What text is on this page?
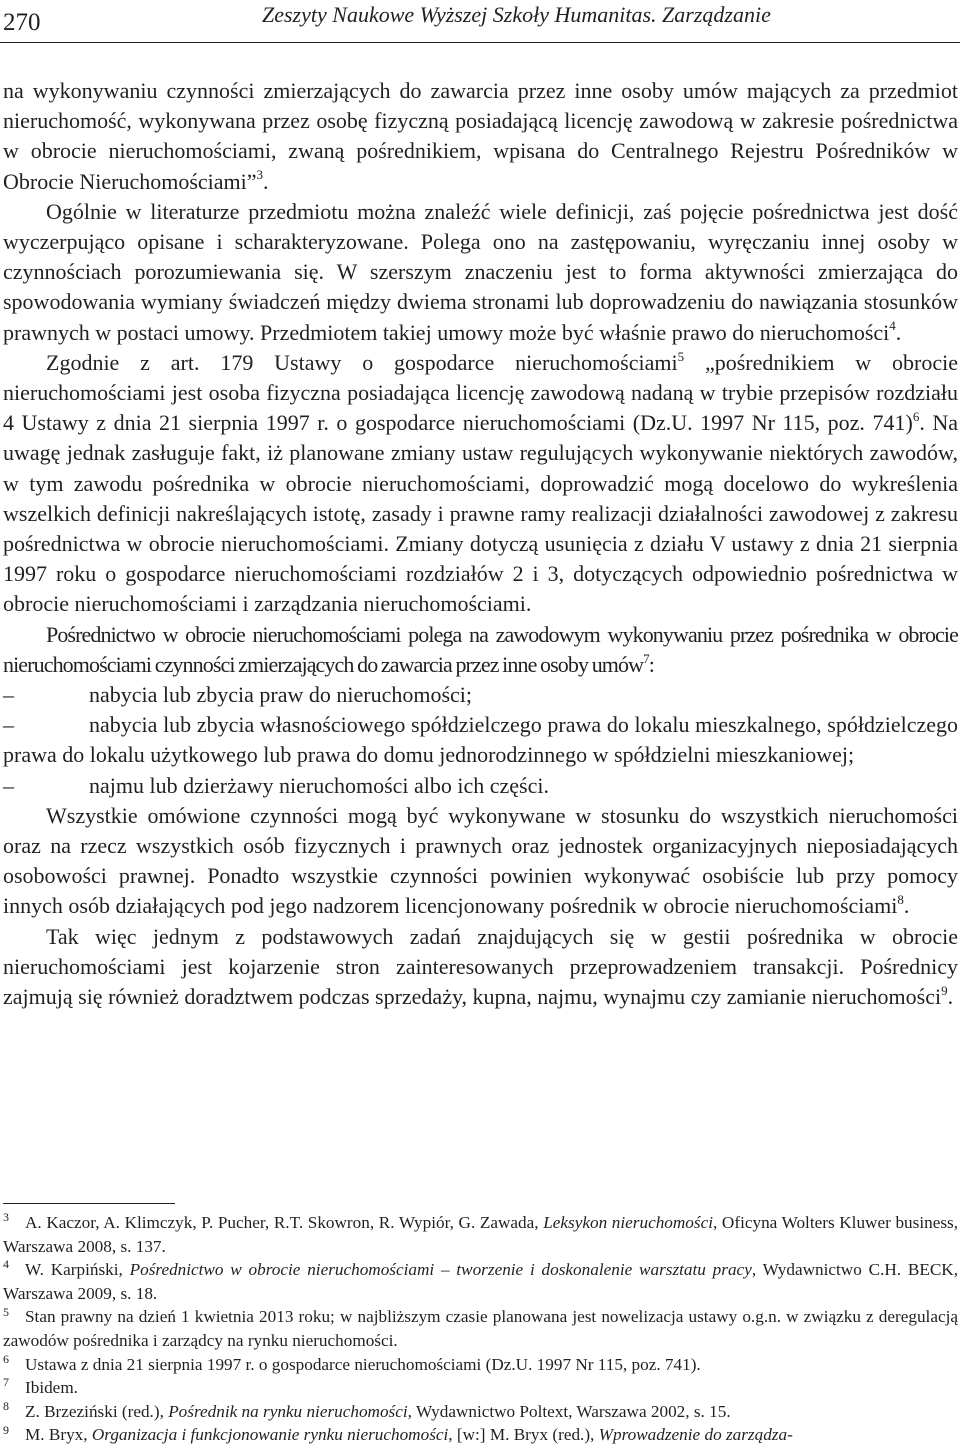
270	Zeszyty Naukowe Wyższej Szkoły Humanitas. Zarządzanie

na wykonywaniu czynności zmierzających do zawarcia przez inne osoby umów mających za przedmiot nieruchomość, wykonywana przez osobę fizyczną posiadającą licencję zawodową w zakresie pośrednictwa w obrocie nieruchomościami, zwaną pośrednikiem, wpisana do Centralnego Rejestru Pośredników w Obrocie Nieruchomościami”$^3$.

Ogólnie w literaturze przedmiotu można znaleźć wiele definicji, zaś pojęcie pośrednictwa jest dość wyczerpująco opisane i scharakteryzowane. Polega ono na zastępowaniu, wyręczaniu innej osoby w czynnościach porozumiewania się. W szerszym znaczeniu jest to forma aktywności zmierzająca do spowodowania wymiany świadczeń między dwiema stronami lub doprowadzeniu do nawiązania stosunków prawnych w postaci umowy. Przedmiotem takiej umowy może być właśnie prawo do nieruchomości$^4$.

Zgodnie z art. 179 Ustawy o gospodarce nieruchomościami$^5$ „pośrednikiem w obrocie nieruchomościami jest osoba fizyczna posiadająca licencję zawodową nadaną w trybie przepisów rozdziału 4 Ustawy z dnia 21 sierpnia 1997 r. o gospodarce nieruchomościami (Dz.U. 1997 Nr 115, poz. 741)$^6$. Na uwagę jednak zasługuje fakt, iż planowane zmiany ustaw regulujących wykonywanie niektórych zawodów, w tym zawodu pośrednika w obrocie nieruchomościami, doprowadzić mogą docelowo do wykreślenia wszelkich definicji nakreślających istotę, zasady i prawne ramy realizacji działalności zawodowej z zakresu pośrednictwa w obrocie nieruchomościami. Zmiany dotyczą usunięcia z działu V ustawy z dnia 21 sierpnia 1997 roku o gospodarce nieruchomościami rozdziałów 2 i 3, dotyczących odpowiednio pośrednictwa w obrocie nieruchomościami i zarządzania nieruchomościami.

Pośrednictwo w obrocie nieruchomościami polega na zawodowym wykonywaniu przez pośrednika w obrocie nieruchomościami czynności zmierzających do zawarcia przez inne osoby umów$^7$:

–	nabycia lub zbycia praw do nieruchomości;

–	nabycia lub zbycia własnościowego spółdzielczego prawa do lokalu mieszkalnego, spółdzielczego prawa do lokalu użytkowego lub prawa do domu jednorodzinnego w spółdzielni mieszkaniowej;

–	najmu lub dzierżawy nieruchomości albo ich części.

Wszystkie omówione czynności mogą być wykonywane w stosunku do wszystkich nieruchomości oraz na rzecz wszystkich osób fizycznych i prawnych oraz jednostek organizacyjnych nieposiadających osobowości prawnej. Ponadto wszystkie czynności powinien wykonywać osobiście lub przy pomocy innych osób działających pod jego nadzorem licencjonowany pośrednik w obrocie nieruchomościami$^8$.

Tak więc jednym z podstawowych zadań znajdujących się w gestii pośrednika w obrocie nieruchomościami jest kojarzenie stron zainteresowanych przeprowadzeniem transakcji. Pośrednicy zajmują się również doradztwem podczas sprzedaży, kupna, najmu, wynajmu czy zamianie nieruchomości$^9$.

3 A. Kaczor, A. Klimczyk, P. Pucher, R.T. Skowron, R. Wypiór, G. Zawada, Leksykon nieruchomości, Oficyna Wolters Kluwer business, Warszawa 2008, s. 137.

4 W. Karpiński, Pośrednictwo w obrocie nieruchomościami – tworzenie i doskonalenie warsztatu pracy, Wydawnictwo C.H. BECK, Warszawa 2009, s. 18.

5 Stan prawny na dzień 1 kwietnia 2013 roku; w najbliższym czasie planowana jest nowelizacja ustawy o.g.n. w związku z deregulacją zawodów pośrednika i zarządcy na rynku nieruchomości.

6 Ustawa z dnia 21 sierpnia 1997 r. o gospodarce nieruchomościami (Dz.U. 1997 Nr 115, poz. 741).

7 Ibidem.

8 Z. Brzeziński (red.), Pośrednik na rynku nieruchomości, Wydawnictwo Poltext, Warszawa 2002, s. 15.

9 M. Bryx, Organizacja i funkcjonowanie rynku nieruchomości, [w:] M. Bryx (red.), Wprowadzenie do zarządza-
